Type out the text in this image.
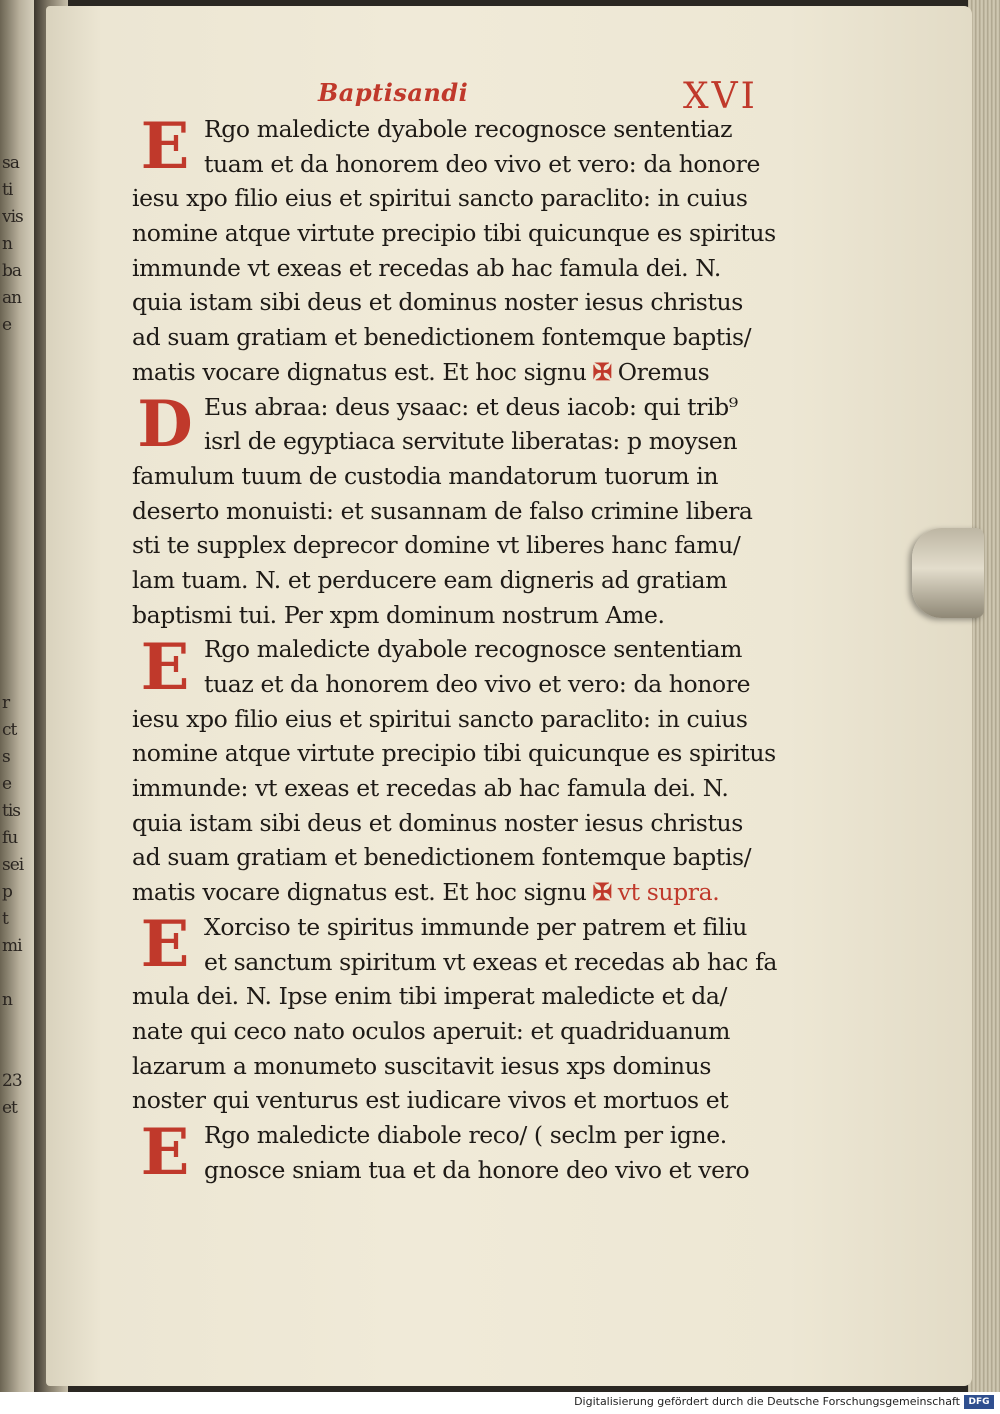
sa
ti
vis
n
ba
an
e

r
ct
s
e
tis
fu
sei
p
t
mi

n

23
et
Baptisandi	XVI
E Rgo maledicte dyabole recognosce sententiaz
tuam et da honorem deo vivo et vero: da honore
iesu xpo filio eius et spiritui sancto paraclito: in cuius
nomine atque virtute precipio tibi quicunque es spiritus
immunde vt exeas et recedas ab hac famula dei. N.
quia istam sibi deus et dominus noster iesus christus
ad suam gratiam et benedictionem fontemque baptis/
matis vocare dignatus est. Et hoc signu ✠ Oremus
D Eus abraa: deus ysaac: et deus iacob: qui trib⁹
isrl de egyptiaca servitute liberatas: p moysen
famulum tuum de custodia mandatorum tuorum in
deserto monuisti: et susannam de falso crimine libera
sti te supplex deprecor domine vt liberes hanc famu/
lam tuam. N. et perducere eam digneris ad gratiam
baptismi tui. Per xpm dominum nostrum Ame.
E Rgo maledicte dyabole recognosce sententiam
tuaz et da honorem deo vivo et vero: da honore
iesu xpo filio eius et spiritui sancto paraclito: in cuius
nomine atque virtute precipio tibi quicunque es spiritus
immunde: vt exeas et recedas ab hac famula dei. N.
quia istam sibi deus et dominus noster iesus christus
ad suam gratiam et benedictionem fontemque baptis/
matis vocare dignatus est. Et hoc signu ✠ vt supra.
E Xorciso te spiritus immunde per patrem et filiu
et sanctum spiritum vt exeas et recedas ab hac fa
mula dei. N. Ipse enim tibi imperat maledicte et da/
nate qui ceco nato oculos aperuit: et quadriduanum
lazarum a monumeto suscitavit iesus xps dominus
noster qui venturus est iudicare vivos et mortuos et
E Rgo maledicte diabole reco/ ( seclm per igne.
gnosce sniam tua et da honore deo vivo et vero
Digitalisierung gefördert durch die Deutsche Forschungsgemeinschaft DFG
